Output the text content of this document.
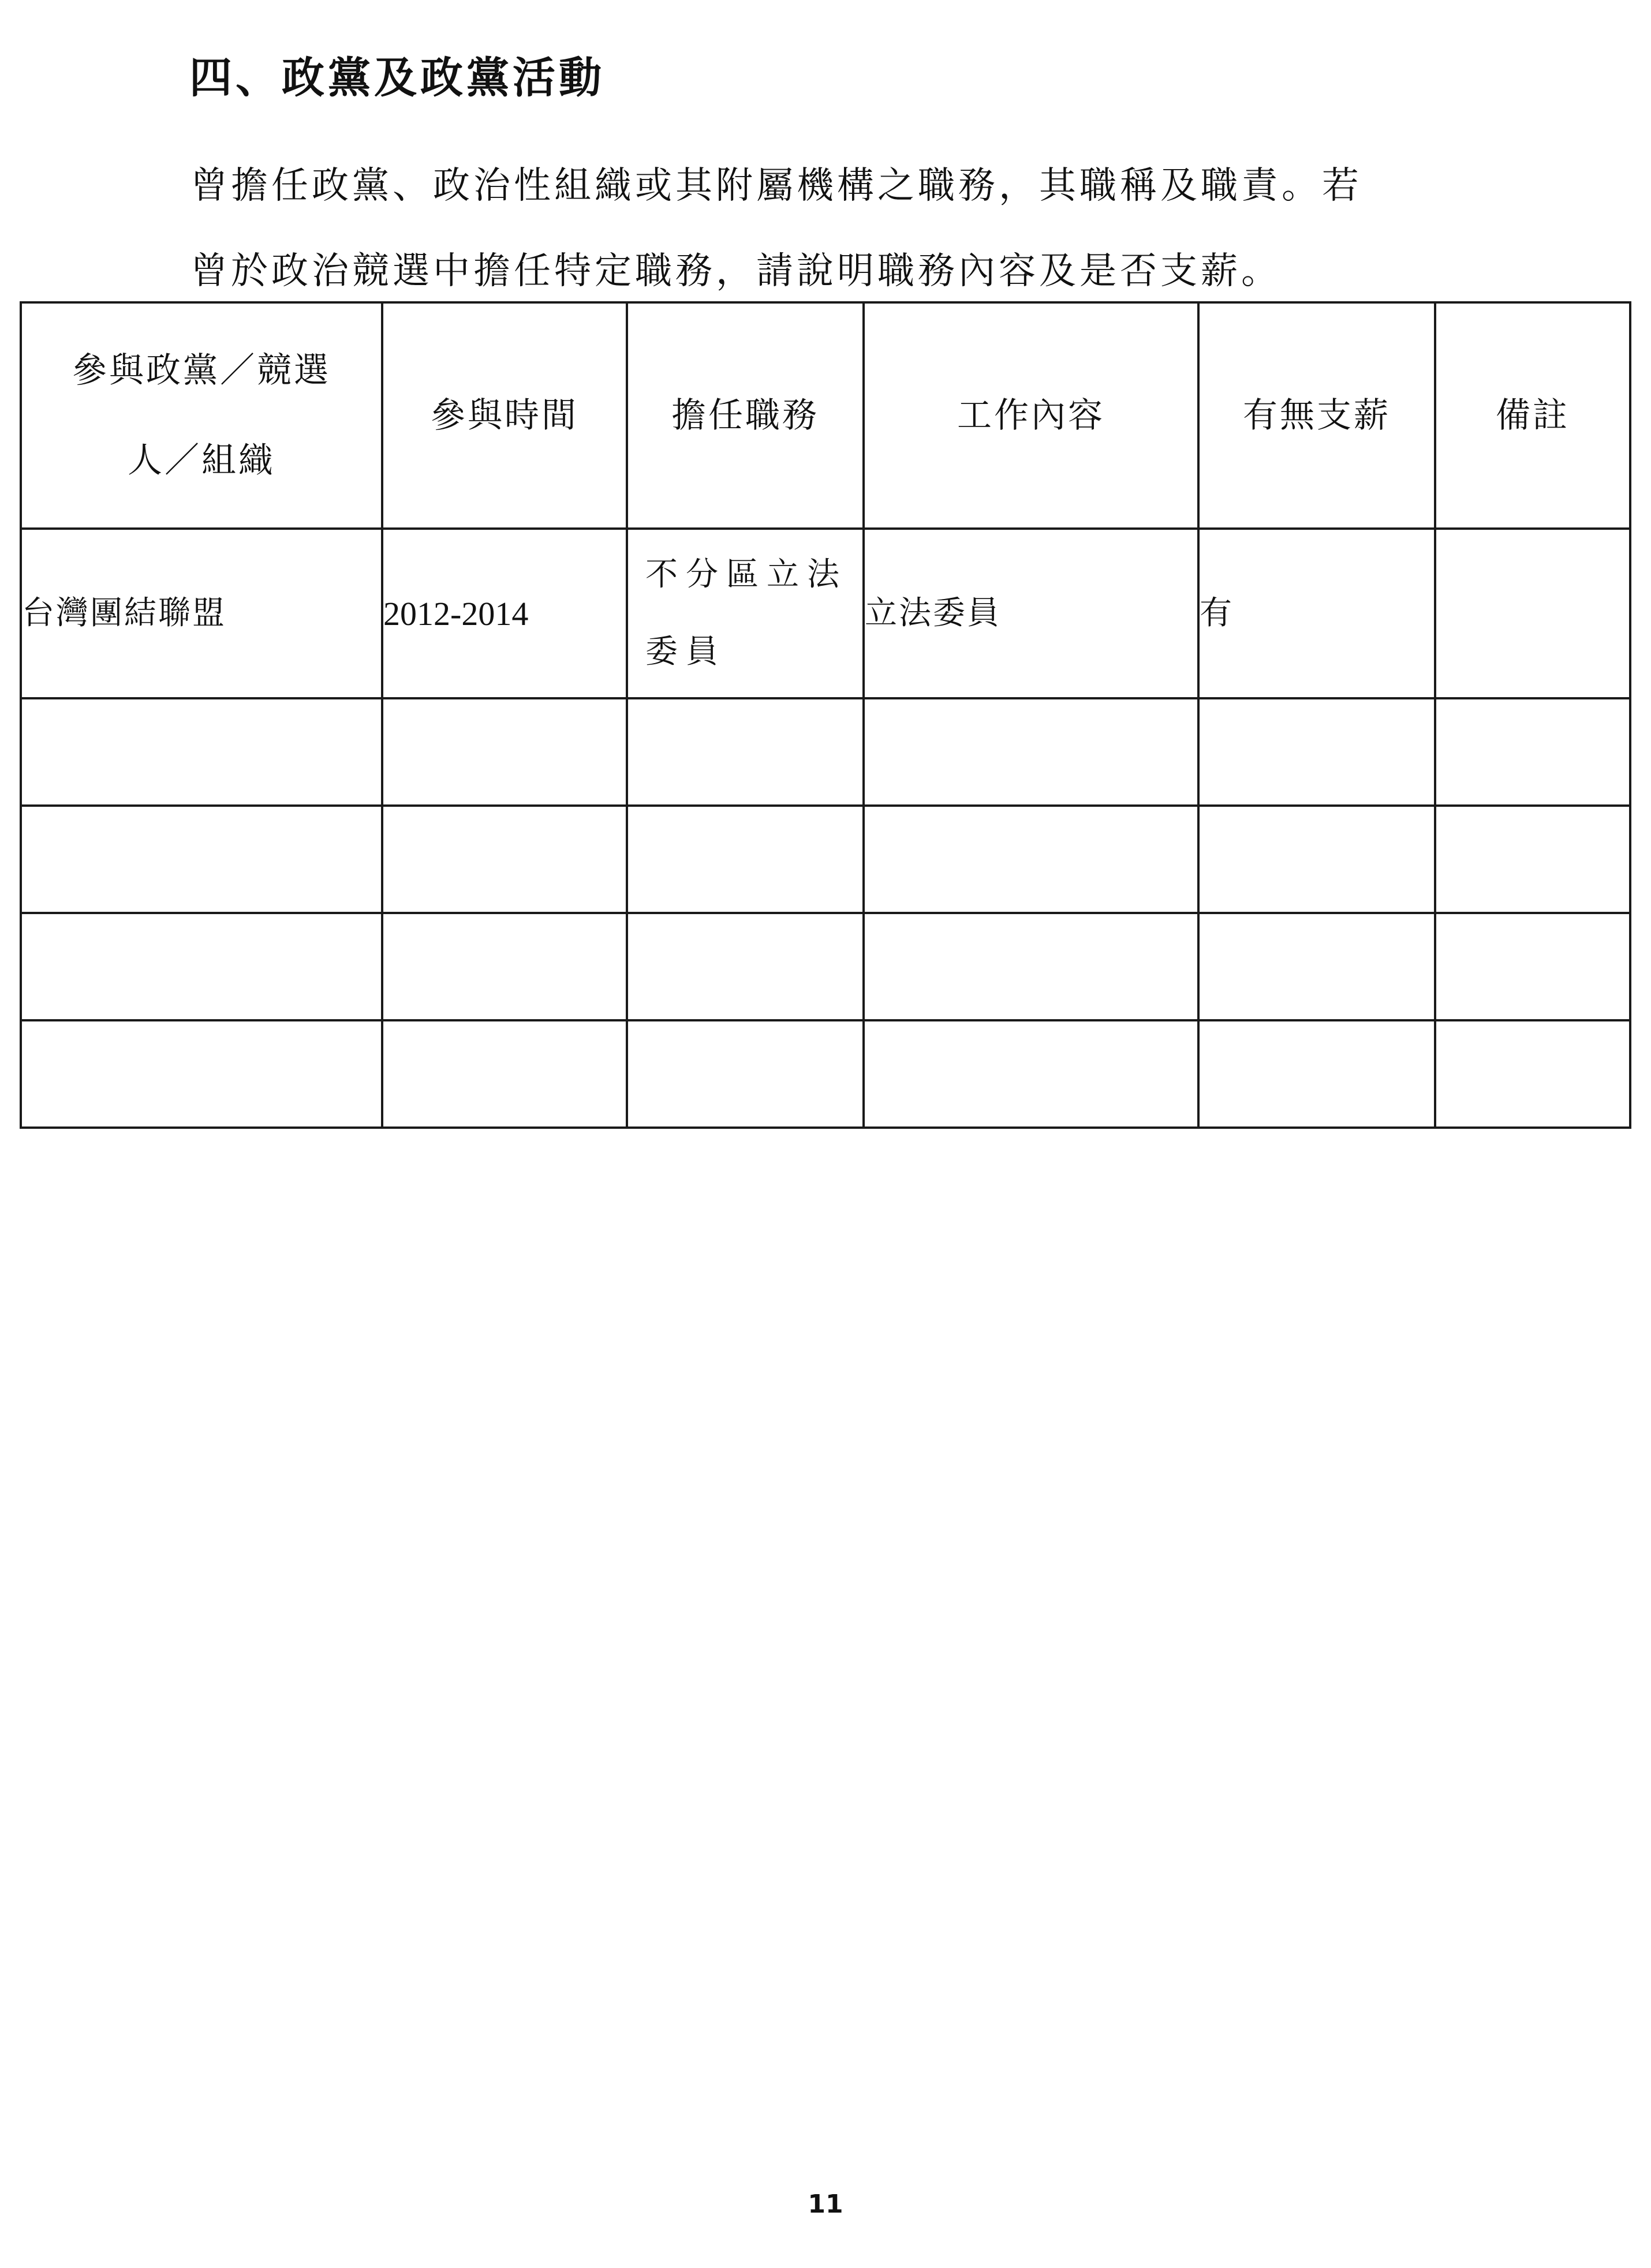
四、政黨及政黨活動
曾擔任政黨、政治性組織或其附屬機構之職務，其職稱及職責。若
曾於政治競選中擔任特定職務，請說明職務內容及是否支薪。
參與政黨／競選
人／組織	參與時間	擔任職務	工作內容	有無支薪	備註
台灣團結聯盟	2012-2014	不分區立法
委員	立法委員	有	

11
